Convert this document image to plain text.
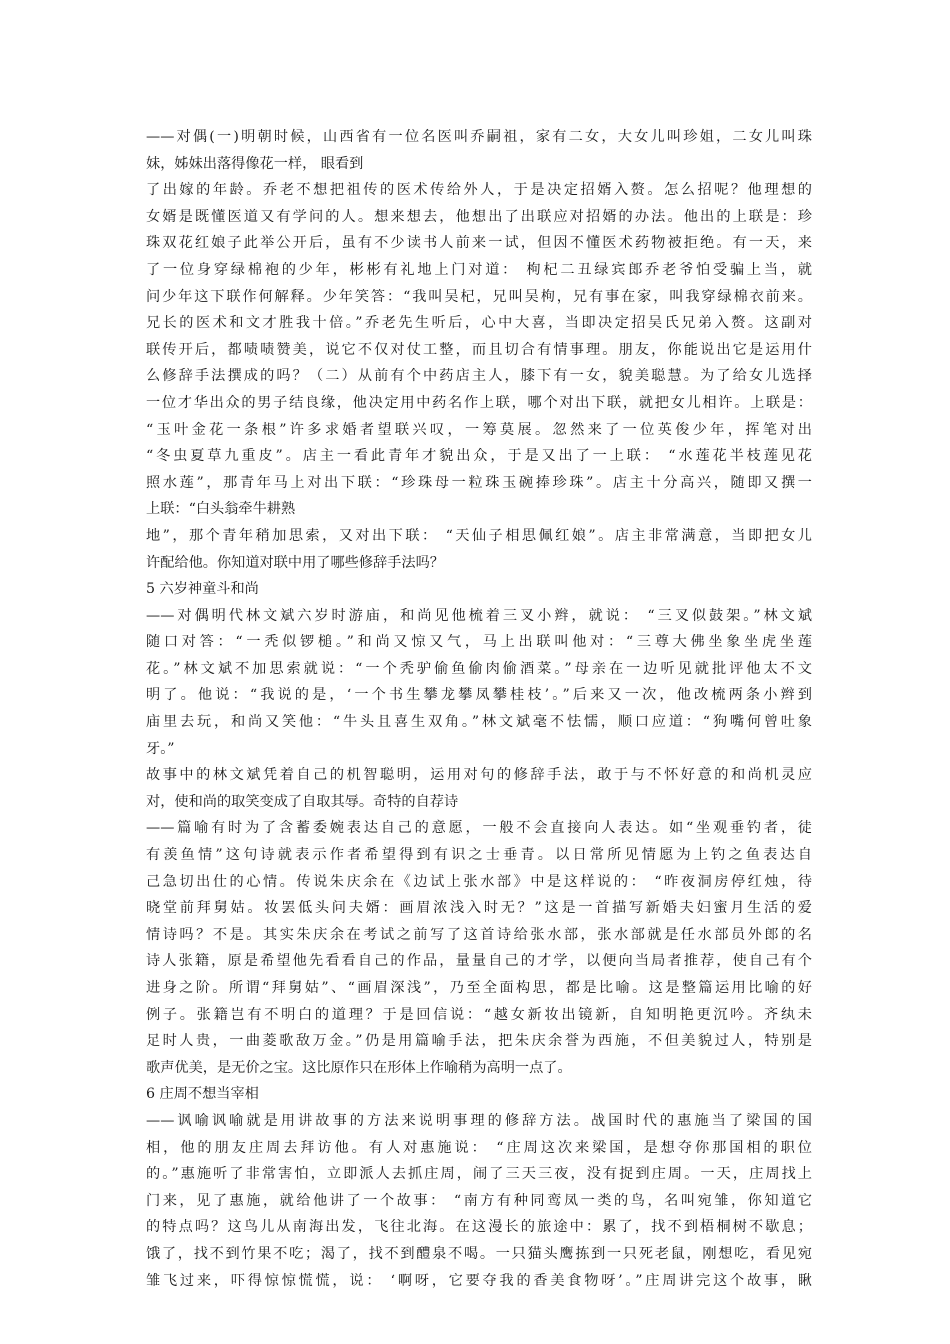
——对偶(一)明朝时候，山西省有一位名医叫乔嗣祖，家有二女，大女儿叫珍姐，二女儿叫珠
妹，姊妹出落得像花一样， 眼看到
了出嫁的年龄。乔老不想把祖传的医术传给外人，于是决定招婿入赘。怎么招呢？他理想的
女婿是既懂医道又有学问的人。想来想去，他想出了出联应对招婿的办法。他出的上联是：珍
珠双花红娘子此举公开后，虽有不少读书人前来一试，但因不懂医术药物被拒绝。有一天，来
了一位身穿绿棉袍的少年，彬彬有礼地上门对道： 枸杞二丑绿宾郎乔老爷怕受骗上当，就
问少年这下联作何解释。少年笑答：“我叫吴杞，兄叫吴枸，兄有事在家，叫我穿绿棉衣前来。
兄长的医术和文才胜我十倍。”乔老先生听后，心中大喜，当即决定招吴氏兄弟入赘。这副对
联传开后，都啧啧赞美，说它不仅对仗工整，而且切合有情事理。朋友，你能说出它是运用什
么修辞手法撰成的吗？（二）从前有个中药店主人，膝下有一女，貌美聪慧。为了给女儿选择
一位才华出众的男子结良缘，他决定用中药名作上联，哪个对出下联，就把女儿相许。上联是：
“玉叶金花一条根”许多求婚者望联兴叹，一筹莫展。忽然来了一位英俊少年，挥笔对出
“冬虫夏草九重皮”。店主一看此青年才貌出众，于是又出了一上联： “水莲花半枝莲见花
照水莲”，那青年马上对出下联：“珍珠母一粒珠玉碗捧珍珠”。店主十分高兴，随即又撰一
上联：“白头翁牵牛耕熟
地”，那个青年稍加思索，又对出下联： “天仙子相思佩红娘”。店主非常满意，当即把女儿
许配给他。你知道对联中用了哪些修辞手法吗？
5 六岁神童斗和尚
——对偶明代林文斌六岁时游庙，和尚见他梳着三叉小辫，就说： “三叉似鼓架。”林文斌
随口对答：“一秃似锣槌。”和尚又惊又气，马上出联叫他对：“三尊大佛坐象坐虎坐莲
花。”林文斌不加思索就说：“一个秃驴偷鱼偷肉偷酒菜。”母亲在一边听见就批评他太不文
明了。他说：“我说的是，‘一个书生攀龙攀凤攀桂枝’。”后来又一次，他改梳两条小辫到
庙里去玩，和尚又笑他：“牛头且喜生双角。”林文斌毫不怯懦，顺口应道：“狗嘴何曾吐象
牙。”
故事中的林文斌凭着自己的机智聪明，运用对句的修辞手法，敢于与不怀好意的和尚机灵应
对，使和尚的取笑变成了自取其辱。奇特的自荐诗
——篇喻有时为了含蓄委婉表达自己的意愿，一般不会直接向人表达。如“坐观垂钓者，徒
有羡鱼情”这句诗就表示作者希望得到有识之士垂青。以日常所见情愿为上钓之鱼表达自
己急切出仕的心情。传说朱庆余在《边试上张水部》中是这样说的： “昨夜洞房停红烛，待
晓堂前拜舅姑。妆罢低头问夫婿：画眉浓浅入时无？”这是一首描写新婚夫妇蜜月生活的爱
情诗吗？不是。其实朱庆余在考试之前写了这首诗给张水部，张水部就是任水部员外郎的名
诗人张籍，原是希望他先看看自己的作品，量量自己的才学，以便向当局者推荐，使自己有个
进身之阶。所谓“拜舅姑”、“画眉深浅”，乃至全面构思，都是比喻。这是整篇运用比喻的好
例子。张籍岂有不明白的道理？于是回信说：“越女新妆出镜新，自知明艳更沉吟。齐纨未
足时人贵，一曲菱歌敌万金。”仍是用篇喻手法，把朱庆余誉为西施，不但美貌过人，特别是
歌声优美，是无价之宝。这比原作只在形体上作喻稍为高明一点了。
6 庄周不想当宰相
——讽喻讽喻就是用讲故事的方法来说明事理的修辞方法。战国时代的惠施当了梁国的国
相，他的朋友庄周去拜访他。有人对惠施说： “庄周这次来梁国，是想夺你那国相的职位
的。”惠施听了非常害怕，立即派人去抓庄周，闹了三天三夜，没有捉到庄周。一天，庄周找上
门来，见了惠施，就给他讲了一个故事： “南方有种同鸾凤一类的鸟，名叫宛雏，你知道它
的特点吗？这鸟儿从南海出发，飞往北海。在这漫长的旅途中：累了，找不到梧桐树不歇息；
饿了，找不到竹果不吃；渴了，找不到醴泉不喝。一只猫头鹰拣到一只死老鼠，刚想吃，看见宛
雏飞过来，吓得惊惊慌慌，说： ‘啊呀，它要夺我的香美食物呀’。”庄周讲完这个故事，瞅
